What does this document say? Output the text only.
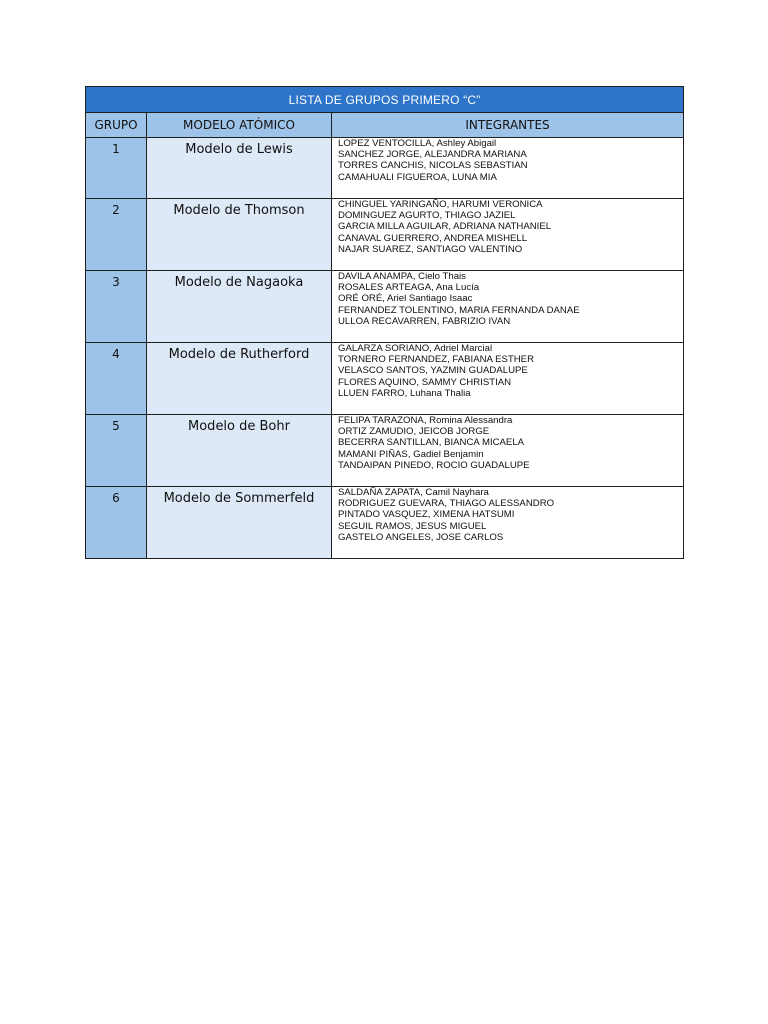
LISTA DE GRUPOS PRIMERO “C”		
GRUPO	MODELO ATÓMICO	INTEGRANTES
1	Modelo de Lewis	LOPEZ VENTOCILLA, Ashley Abigail
SANCHEZ JORGE, ALEJANDRA MARIANA
TORRES CANCHIS, NICOLAS SEBASTIAN
CAMAHUALI FIGUEROA, LUNA MIA

2	Modelo de Thomson	CHINGUEL YARINGAÑO, HARUMI VERONICA
DOMINGUEZ AGURTO, THIAGO JAZIEL
GARCIA MILLA AGUILAR, ADRIANA NATHANIEL
CANAVAL GUERRERO, ANDREA MISHELL
NAJAR SUAREZ, SANTIAGO VALENTINO

3	Modelo de Nagaoka	DAVILA ANAMPA, Cielo Thais
ROSALES ARTEAGA, Ana Lucía
ORÉ ORÉ, Ariel Santiago Isaac
FERNANDEZ TOLENTINO, MARIA FERNANDA DANAE
ULLOA RECAVARREN, FABRIZIO IVAN

4	Modelo de Rutherford	GALARZA SORIANO, Adriel Marcial
TORNERO FERNANDEZ, FABIANA ESTHER
VELASCO SANTOS, YAZMIN GUADALUPE
FLORES AQUINO, SAMMY CHRISTIAN
LLUEN FARRO, Luhana Thalia

5	Modelo de Bohr	FELIPA TARAZONA, Romina Alessandra
ORTIZ ZAMUDIO, JEICOB JORGE
BECERRA SANTILLAN, BIANCA MICAELA
MAMANI PIÑAS, Gadiel Benjamin
TANDAIPAN PINEDO, ROCIO GUADALUPE

6	Modelo de Sommerfeld	SALDAÑA ZAPATA, Camil Nayhara
RODRIGUEZ GUEVARA, THIAGO ALESSANDRO
PINTADO VASQUEZ, XIMENA HATSUMI
SEGUIL RAMOS, JESUS MIGUEL
GASTELO ANGELES, JOSE CARLOS
